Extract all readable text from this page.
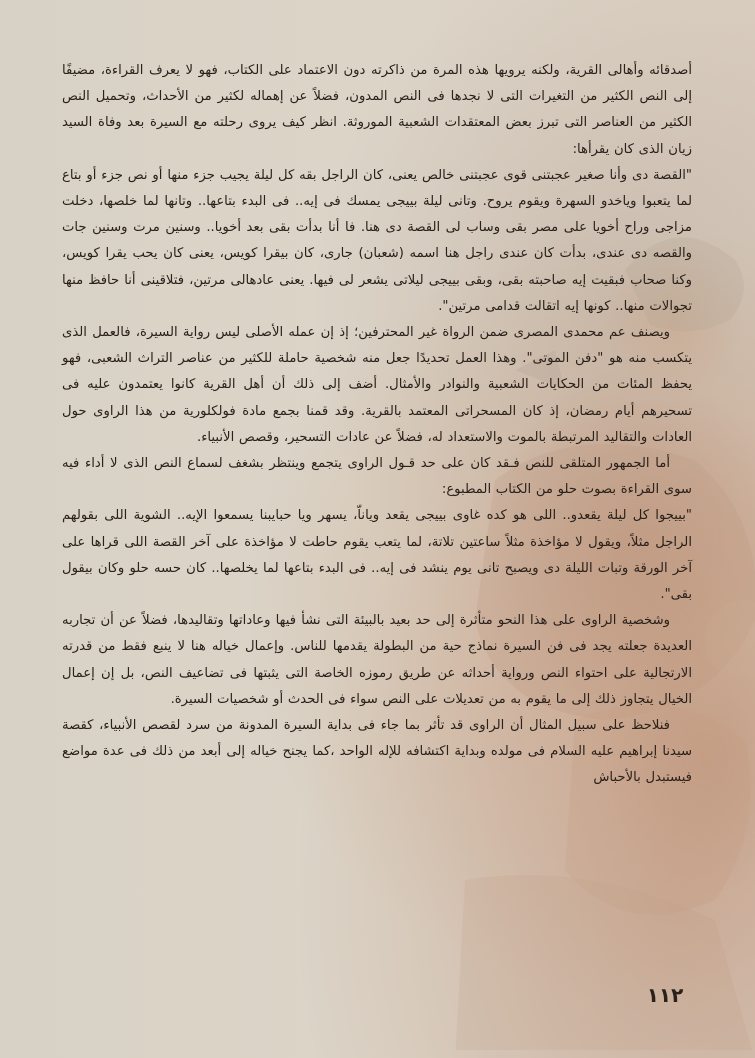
أصدقائه وأهالى القرية، ولكنه يرويها هذه المرة من ذاكرته دون الاعتماد على الكتاب، فهو لا يعرف القراءة، مضيفًا إلى النص الكثير من التغيرات التى لا نجدها فى النص المدون، فضلاً عن إهماله لكثير من الأحداث، وتحميل النص الكثير من العناصر التى تبرز بعض المعتقدات الشعبية الموروثة. انظر كيف يروى رحلته مع السيرة بعد وفاة السيد زيان الذى كان يقرأها:

"القصة دى وأنا صغير عجبتنى قوى عجبتنى خالص يعنى، كان الراجل بقه كل ليلة يجيب جزء منها أو نص جزء أو بتاع لما يتعبوا وياخدو السهرة ويقوم يروح. وتانى ليلة بييجى يمسك فى إيه.. فى البدء بتاعها.. وتانها لما خلصها، دخلت مزاجى وراح أخويا على مصر بقى وساب لى القصة دى هنا. فا أنا بدأت بقى بعد أخويا.. وسنين مرت وسنين جات والقصه دى عندى، بدأت كان عندى راجل هنا اسمه (شعبان) جارى، كان بيقرا كويس، يعنى كان يحب يقرا كويس، وكنا صحاب فبقيت إيه صاحبته بقى، وبقى بييجى ليلاتى يشعر لى فيها. يعنى عادهالى مرتين، فتلاقينى أنا حافظ منها تجوالات منها.. كونها إيه اتقالت قدامى مرتين".

ويصنف عم محمدى المصرى ضمن الرواة غير المحترفين؛ إذ إن عمله الأصلى ليس رواية السيرة، فالعمل الذى يتكسب منه هو "دفن الموتى". وهذا العمل تحديدًا جعل منه شخصية حاملة للكثير من عناصر التراث الشعبى، فهو يحفظ المئات من الحكايات الشعبية والنوادر والأمثال. أضف إلى ذلك أن أهل القرية كانوا يعتمدون عليه فى تسحيرهم أيام رمضان، إذ كان المسحراتى المعتمد بالقرية. وقد قمنا بجمع مادة فولكلورية من هذا الراوى حول العادات والتقاليد المرتبطة بالموت والاستعداد له، فضلاً عن عادات التسحير، وقصص الأنبياء.

أما الجمهور المتلقى للنص فـقد كان على حد قـول الراوى يتجمع وينتظر بشغف لسماع النص الذى لا أداء فيه سوى القراءة بصوت حلو من الكتاب المطبوع:

"بييجوا كل ليلة يقعدو.. اللى هو كده غاوى بييجى يقعد وياناّ، يسهر ويا حبايبنا يسمعوا الإيه.. الشوية اللى بقولهم الراجل مثلاً، ويقول لا مؤاخذة مثلاً ساعتين تلاتة، لما يتعب يقوم حاطت لا مؤاخذة على آخر القصة اللى قراها على آخر الورقة وتبات الليلة دى ويصبح تانى يوم ينشد فى إيه.. فى البدء بتاعها لما يخلصها.. كان حسه حلو وكان بيقول بقى".

وشخصية الراوى على هذا النحو متأثرة إلى حد بعيد بالبيئة التى نشأ فيها وعاداتها وتقاليدها، فضلاً عن أن تجاربه العديدة جعلته يجد فى فن السيرة نماذج حية من البطولة يقدمها للناس. وإعمال خياله هنا لا ينبع فقط من قدرته الارتجالية على احتواء النص ورواية أحداثه عن طريق رموزه الخاصة التى يثبتها فى تضاعيف النص، بل إن إعمال الخيال يتجاوز ذلك إلى ما يقوم به من تعديلات على النص سواء فى الحدث أو شخصيات السيرة.

فنلاحظ على سبيل المثال أن الراوى قد تأثر بما جاء فى بداية السيرة المدونة من سرد لقصص الأنبياء، كقصة سيدنا إبراهيم عليه السلام فى مولده وبداية اكتشافه للإله الواحد ،كما يجنح خياله إلى أبعد من ذلك فى عدة مواضع فيستبدل بالأحباش

١١٢
